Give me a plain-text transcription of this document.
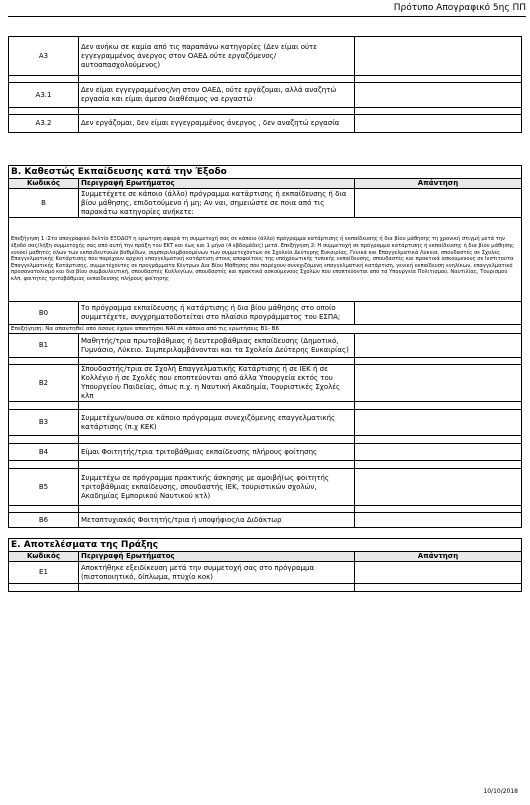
Πρότυπο Απογραφικό 5ης ΠΠ
Α3	Δεν ανήκω σε καμία από τις παραπάνω κατηγορίες (Δεν είμαι ούτε εγγεγραμμένος άνεργος στον ΟΑΕΔ ούτε εργαζόμενος/αυτοαπασχολούμενος)	

Α3.1	Δεν είμαι εγγεγραμμένος/νη στον ΟΑΕΔ, ούτε εργάζομαι, αλλά αναζητώ εργασία και είμαι άμεσα διαθέσιμος να εργαστώ	

Α3.2	Δεν εργάζομαι, δεν είμαι εγγεγραμμένος άνεργος , δεν αναζητώ εργασία	
Β. Καθεστώς Εκπαίδευσης κατά την Έξοδο		
Κωδικός	Περιγραφή Ερωτήματος	Απάντηση
Β	Συμμετέχετε σε κάποιο (άλλο) πρόγραμμα κατάρτισης ή εκπαίδευσης ή δια βίου μάθησης, επιδοτούμενο ή μη; Αν ναι, σημειώστε σε ποια από τις παρακάτω κατηγορίες ανήκετε:	
Επεξήγηση 1 :Στο απογραφικό δελτίο ΕΞΟΔΟΥ η ερώτηση αφορά τη συμμετοχή σας σε κάποιο (άλλο) πρόγραμμα κατάρτισης ή εκπαίδευσης ή δια βίου μάθησης τη χρονική στιγμή μετά την έξοδό σας/λήξη συμμετοχής σας από αυτή την πράξη του ΕΚΤ και έως και 1 μήνα (4 εβδομάδες) μετά. Επεξήγηση 2: Η συμμετοχή σε πρόγραμμα κατάρτισης ή εκπαίδευσης ή δια βίου μάθησης εννοεί μαθητές όλων των εκπαιδευτικών βαθμίδων, συμπεριλαμβανομένων των συμμετεχόντων σε Σχολεία Δεύτερης Ευκαιρίας, Γενικά και Επαγγελματικά Λύκεια, σπουδαστές σε Σχολές Επαγγελματικής Κατάρτισης που παρέχουν αρχική επαγγελματική κατάρτιση στους αποφοίτους της υποχρεωτικής τυπικής εκπαίδευσης, σπουδαστές και πρακτικά ασκούμενους σε Ινστιτούτα Επαγγελματικής Κατάρτισης, συμμετέχοντες σε προγράμματα Κέντρων Δια Βίου Μάθησης που παρέχουν συνεχιζόμενη επαγγελματική κατάρτιση, γενική εκπαίδευση ενηλίκων, επαγγελματικό προσανατολισμό και δια βίου συμβουλευτική, σπουδαστές Κολλεγίων, σπουδαστές και πρακτικά ασκούμενους Σχολών που εποπτεύονται από τα Υπουργεία Πολιτισμού, Ναυτιλίας, Τουρισμού κλπ, φοιτητές τριτοβάθμιας εκπαίδευσης πλήρους φοίτησης		
Β0	Το πρόγραμμα εκπαίδευσης ή κατάρτισης ή δια βίου μάθησης στο οποίο συμμετέχετε, συγχρηματοδοτείται στο πλαίσιο προγράμματος του ΕΣΠΑ;	
Επεξήγηση: Να απαντηθεί από όσους έχουν απαντήσει ΝΑΙ σε κάποιο από τις ερωτήσεις Β1- Β6		
Β1	Μαθητής/τρια πρωτοβάθμιας ή δευτεροβάθμιας εκπαίδευσης (Δημοτικό, Γυμνάσιο, Λύκειο. Συμπεριλαμβάνονται και τα Σχολεία Δεύτερης Ευκαιρίας)	

Β2	Σπουδαστής/τρια σε Σχολή Επαγγελματικής Κατάρτισης ή σε ΙΕΚ ή σε Κολλέγιο ή σε Σχολές που εποπτεύονται από άλλα Υπουργεία εκτός του Υπουργείου Παιδείας, όπως π.χ. η Ναυτική Ακαδημία, Τουριστικές Σχολές κλπ	

Β3	Συμμετέχων/ουσα σε κάποιο πρόγραμμα συνεχιζόμενης επαγγελματικής κατάρτισης (π.χ ΚΕΚ)	

Β4	Είμαι Φοιτητής/τρια τριτοβάθμιας εκπαίδευσης πλήρους φοίτησης	

Β5	Συμμετέχω σε πρόγραμμα πρακτικής άσκησης με αμοιβή(ως φοιτητής τριτοβάθμιας εκπαίδευσης, σπουδαστής ΙΕΚ, τουριστικών σχολών, Ακαδημίας Εμπορικού Ναυτικού κτλ)	

Β6	Μεταπτυχιακός Φοιτητής/τρια ή υποψήφιος/ια Διδάκτωρ	
Ε. Αποτελέσματα της Πράξης		
Κωδικός	Περιγραφή Ερωτήματος	Απάντηση
Ε1	Αποκτήθηκε εξειδίκευση μετά την συμμετοχή σας στο πρόγραμμα (πιστοποιητικό, δίπλωμα, πτυχίο κοκ)	

10/10/2018
